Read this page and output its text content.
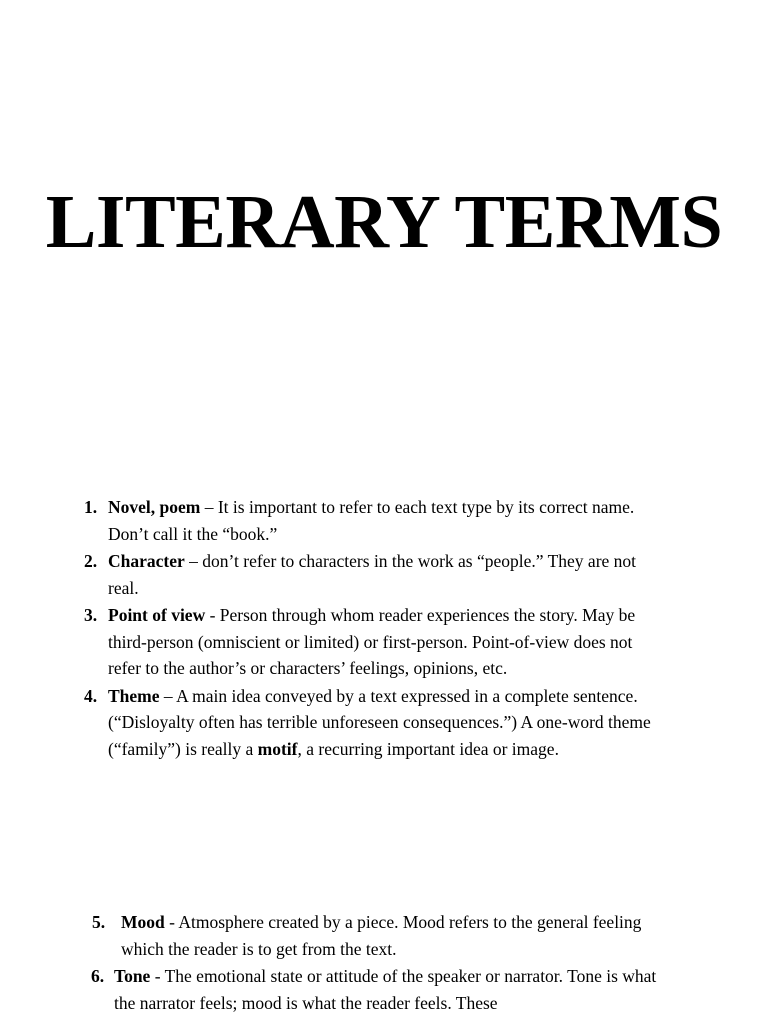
LITERARY TERMS
1. Novel, poem – It is important to refer to each text type by its correct name. Don’t call it the “book.”
2. Character – don’t refer to characters in the work as “people.” They are not real.
3. Point of view - Person through whom reader experiences the story. May be third-person (omniscient or limited) or first-person. Point-of-view does not refer to the author’s or characters’ feelings, opinions, etc.
4. Theme – A main idea conveyed by a text expressed in a complete sentence. (“Disloyalty often has terrible unforeseen consequences.”) A one-word theme (“family”) is really a motif, a recurring important idea or image.
5. Mood - Atmosphere created by a piece. Mood refers to the general feeling which the reader is to get from the text.
6. Tone - The emotional state or attitude of the speaker or narrator. Tone is what the narrator feels; mood is what the reader feels. These
